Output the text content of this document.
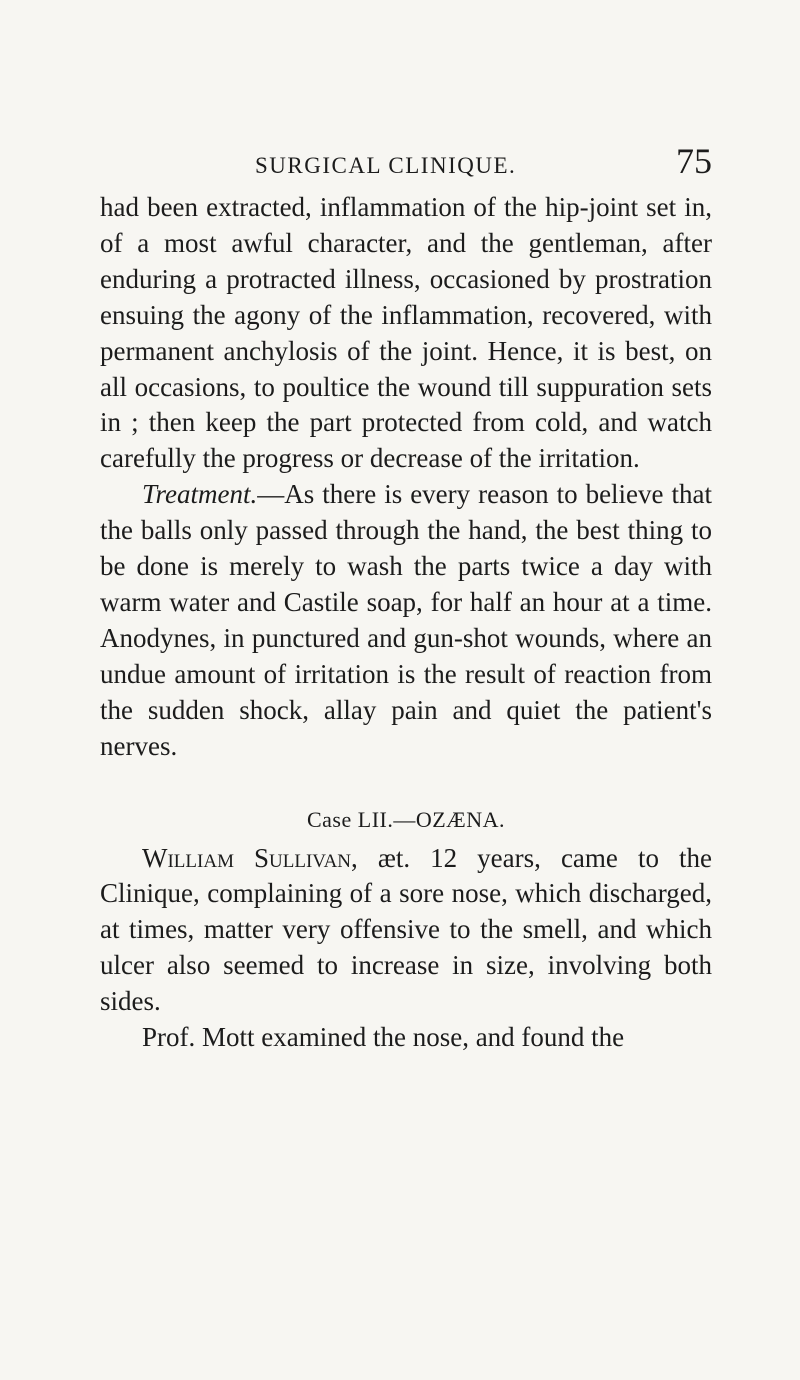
SURGICAL CLINIQUE.	75

had been extracted, inflammation of the hip-joint set in, of a most awful character, and the gentleman, after enduring a protracted illness, occasioned by prostration ensuing the agony of the inflammation, recovered, with permanent anchylosis of the joint. Hence, it is best, on all occasions, to poultice the wound till suppuration sets in ; then keep the part protected from cold, and watch carefully the progress or decrease of the irritation.

Treatment.—As there is every reason to believe that the balls only passed through the hand, the best thing to be done is merely to wash the parts twice a day with warm water and Castile soap, for half an hour at a time. Anodynes, in punctured and gun-shot wounds, where an undue amount of irritation is the result of reaction from the sudden shock, allay pain and quiet the patient's nerves.

Case LII.—OZÆNA.

William Sullivan, æt. 12 years, came to the Clinique, complaining of a sore nose, which discharged, at times, matter very offensive to the smell, and which ulcer also seemed to increase in size, involving both sides.

Prof. Mott examined the nose, and found the
